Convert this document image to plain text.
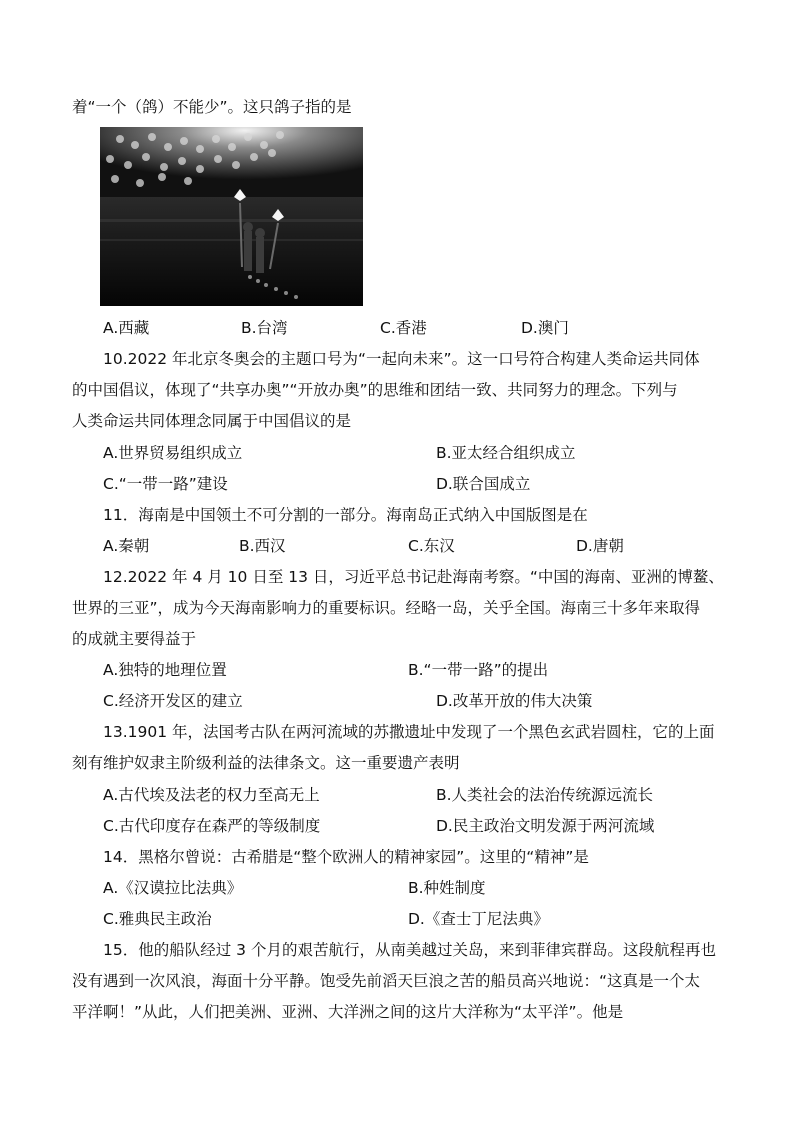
着“一个（鸽）不能少”。这只鸽子指的是
A.西藏	B.台湾	C.香港	D.澳门
10.2022 年北京冬奥会的主题口号为“一起向未来”。这一口号符合构建人类命运共同体
的中国倡议，体现了“共享办奥”“开放办奥”的思维和团结一致、共同努力的理念。下列与
人类命运共同体理念同属于中国倡议的是
A.世界贸易组织成立	B.亚太经合组织成立
C.“一带一路”建设	D.联合国成立
11．海南是中国领土不可分割的一部分。海南岛正式纳入中国版图是在
A.秦朝	B.西汉	C.东汉	D.唐朝
12.2022 年 4 月 10 日至 13 日，习近平总书记赴海南考察。“中国的海南、亚洲的博鳌、
世界的三亚”，成为今天海南影响力的重要标识。经略一岛，关乎全国。海南三十多年来取得
的成就主要得益于
A.独特的地理位置	B.“一带一路”的提出
C.经济开发区的建立	D.改革开放的伟大决策
13.1901 年，法国考古队在两河流域的苏撒遗址中发现了一个黑色玄武岩圆柱，它的上面
刻有维护奴隶主阶级利益的法律条文。这一重要遗产表明
A.古代埃及法老的权力至高无上	B.人类社会的法治传统源远流长
C.古代印度存在森严的等级制度	D.民主政治文明发源于两河流域
14．黑格尔曾说：古希腊是“整个欧洲人的精神家园”。这里的“精神”是
A.《汉谟拉比法典》	B.种姓制度
C.雅典民主政治	D.《查士丁尼法典》
15．他的船队经过 3 个月的艰苦航行，从南美越过关岛，来到菲律宾群岛。这段航程再也
没有遇到一次风浪，海面十分平静。饱受先前滔天巨浪之苦的船员高兴地说：“这真是一个太
平洋啊！”从此，人们把美洲、亚洲、大洋洲之间的这片大洋称为“太平洋”。他是
